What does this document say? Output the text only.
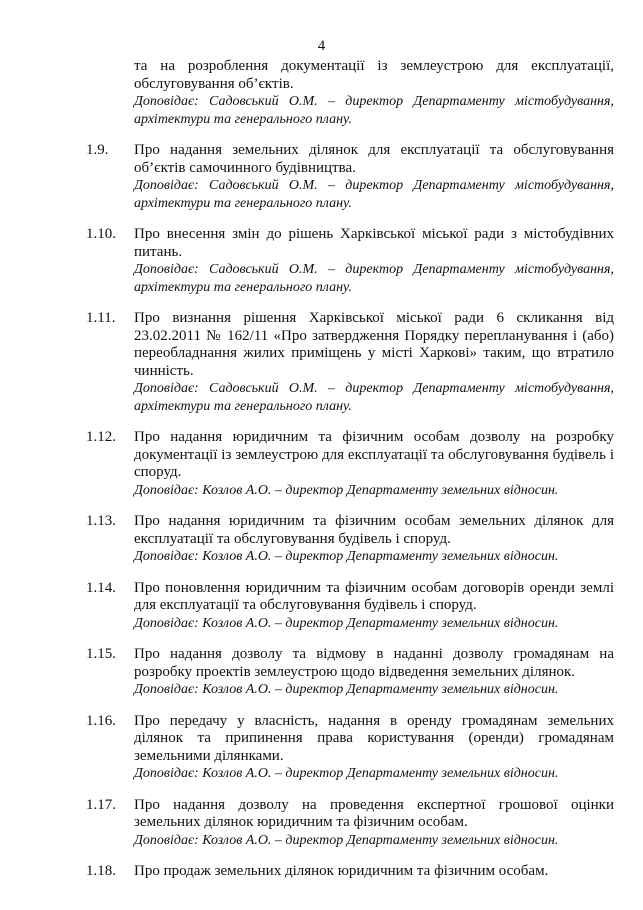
4
та на розроблення документації із землеустрою для експлуатації, обслуговування об’єктів.
Доповідає: Садовський О.М. – директор Департаменту містобудування, архітектури та генерального плану.
1.9.	Про надання земельних ділянок для експлуатації та обслуговування об’єктів самочинного будівництва.
Доповідає: Садовський О.М. – директор Департаменту містобудування, архітектури та генерального плану.
1.10.	Про внесення змін до рішень Харківської міської ради з містобудівних питань.
Доповідає: Садовський О.М. – директор Департаменту містобудування, архітектури та генерального плану.
1.11.	Про визнання рішення Харківської міської ради 6 скликання від 23.02.2011 № 162/11 «Про затвердження Порядку перепланування і (або) переобладнання жилих приміщень у місті Харкові» таким, що втратило чинність.
Доповідає: Садовський О.М. – директор Департаменту містобудування, архітектури та генерального плану.
1.12.	Про надання юридичним та фізичним особам дозволу на розробку документації із землеустрою для експлуатації та обслуговування будівель і споруд.
Доповідає: Козлов А.О. – директор Департаменту земельних відносин.
1.13.	Про надання юридичним та фізичним особам земельних ділянок для експлуатації та обслуговування будівель і споруд.
Доповідає: Козлов А.О. – директор Департаменту земельних відносин.
1.14.	Про поновлення юридичним та фізичним особам договорів оренди землі для експлуатації та обслуговування будівель і споруд.
Доповідає: Козлов А.О. – директор Департаменту земельних відносин.
1.15.	Про надання дозволу та відмову в наданні дозволу громадянам на розробку проектів землеустрою щодо відведення земельних ділянок.
Доповідає: Козлов А.О. – директор Департаменту земельних відносин.
1.16.	Про передачу у власність, надання в оренду громадянам земельних ділянок та припинення права користування (оренди) громадянам земельними ділянками.
Доповідає: Козлов А.О. – директор Департаменту земельних відносин.
1.17.	Про надання дозволу на проведення експертної грошової оцінки земельних ділянок юридичним та фізичним особам.
Доповідає: Козлов А.О. – директор Департаменту земельних відносин.
1.18.	Про продаж земельних ділянок юридичним та фізичним особам.
